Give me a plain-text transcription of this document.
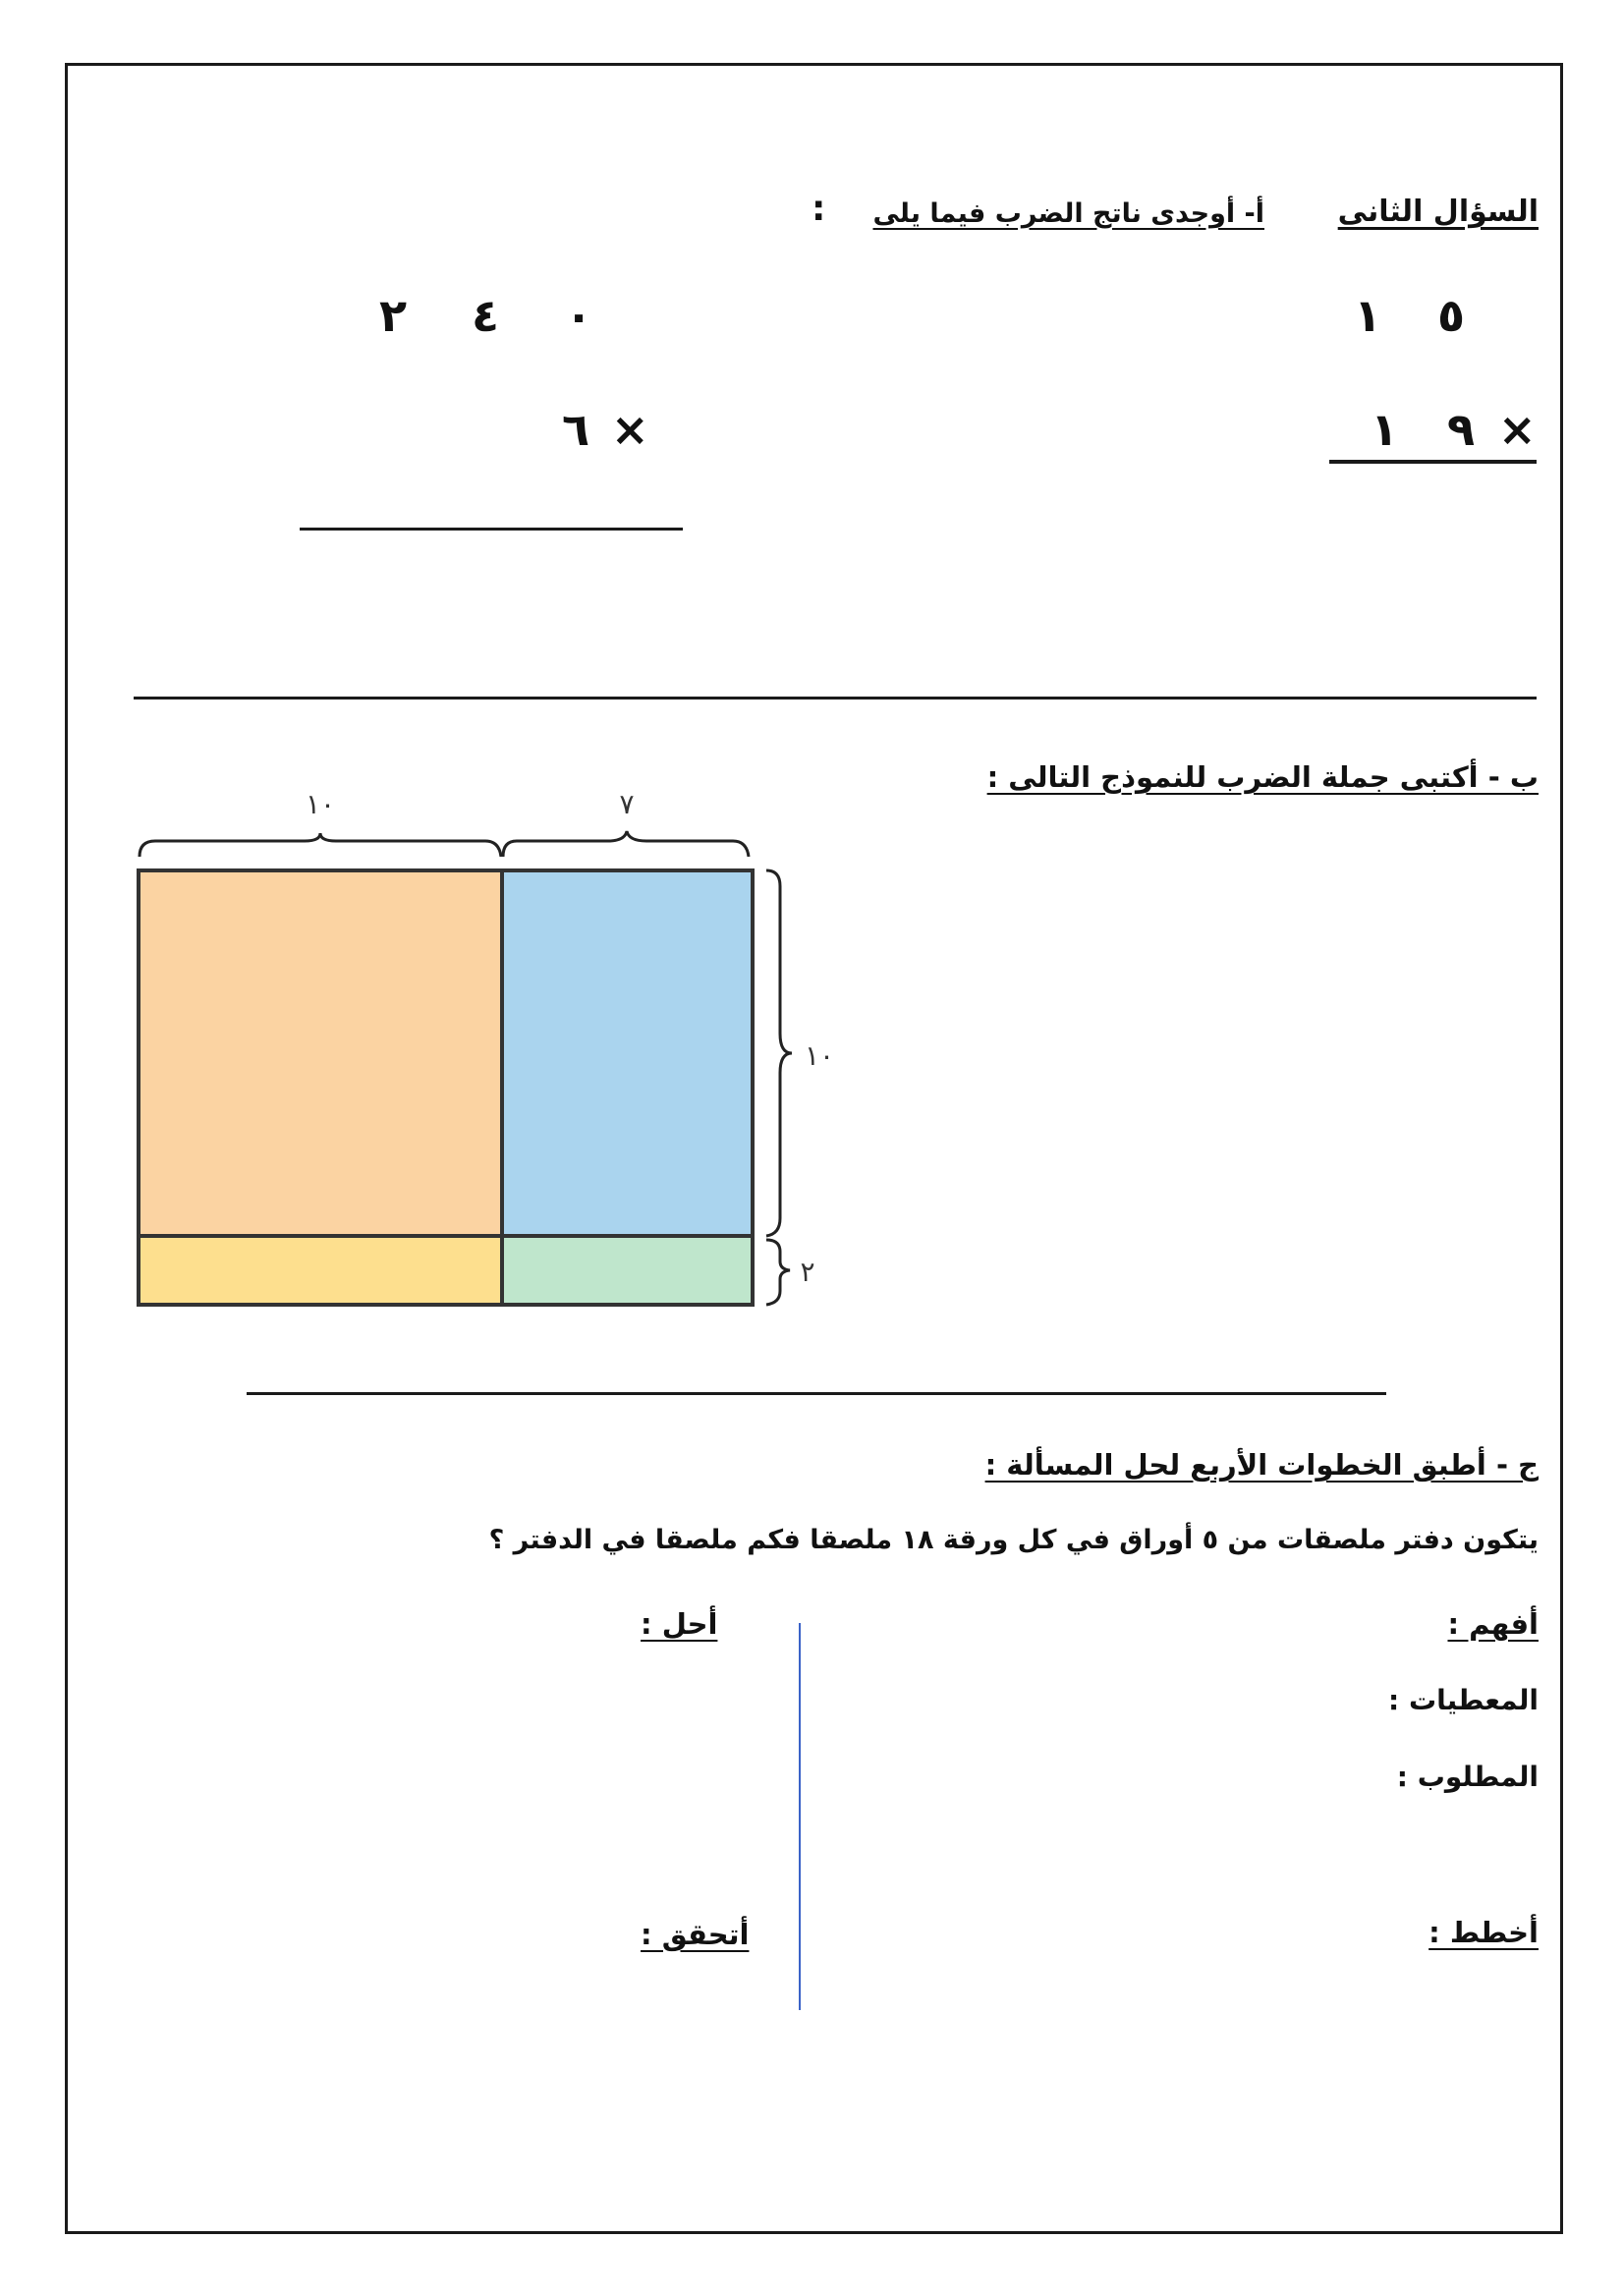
السؤال الثانى
أ- أوجدى ناتج الضرب فيما يلى
:
١ ٥
×
٩
١
٢ ٤ ٠
×
٦
ب - أكتبى جملة الضرب للنموذج التالى :
١٠	٧
١٠
٢
ج - أطبق الخطوات الأربع لحل المسألة :
يتكون دفتر ملصقات من ٥ أوراق في كل ورقة ١٨ ملصقا فكم ملصقا في الدفتر ؟
أفهم :
المعطيات :
المطلوب :
أخطط :
أحل :
أتحقق :
